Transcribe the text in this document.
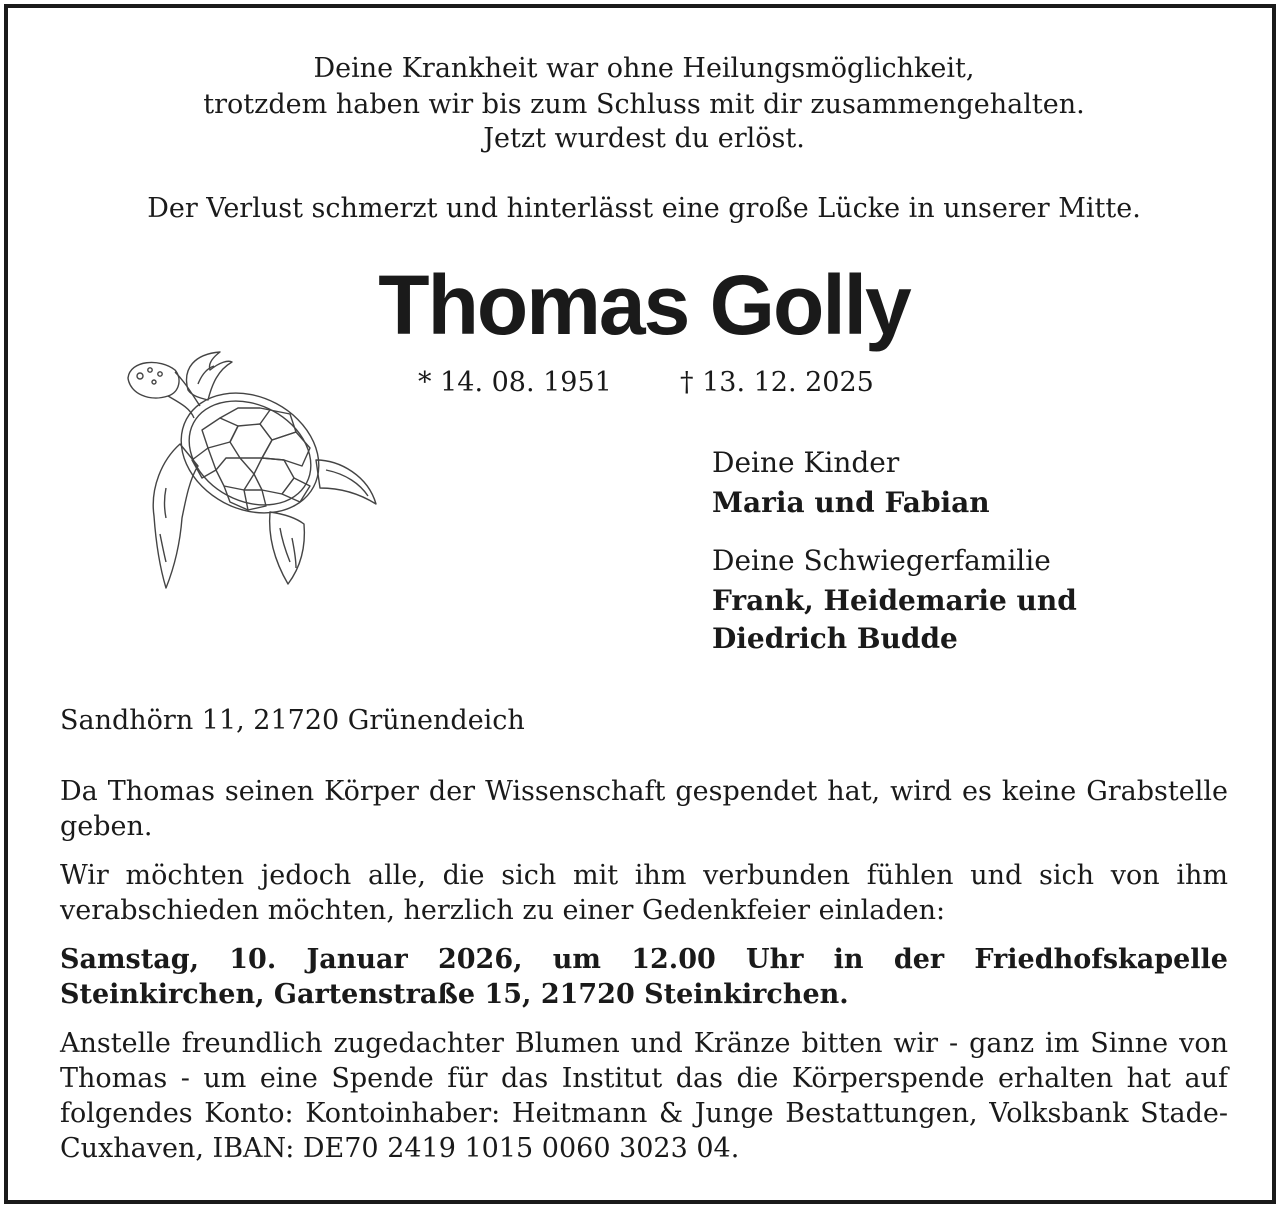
Deine Krankheit war ohne Heilungsmöglichkeit,
trotzdem haben wir bis zum Schluss mit dir zusammengehalten.
Jetzt wurdest du erlöst.
Der Verlust schmerzt und hinterlässt eine große Lücke in unserer Mitte.
Thomas Golly
* 14. 08. 1951	† 13. 12. 2025
Deine Kinder
Maria und Fabian
Deine Schwiegerfamilie
Frank, Heidemarie und
Diedrich Budde
Sandhörn 11, 21720 Grünendeich
Da Thomas seinen Körper der Wissenschaft gespendet hat, wird es keine Grabstelle geben.
Wir möchten jedoch alle, die sich mit ihm verbunden fühlen und sich von ihm verabschieden möchten, herzlich zu einer Gedenkfeier einladen:
Samstag, 10. Januar 2026, um 12.00 Uhr in der Friedhofskapelle Steinkirchen, Gartenstraße 15, 21720 Steinkirchen.
Anstelle freundlich zugedachter Blumen und Kränze bitten wir - ganz im Sinne von Thomas - um eine Spende für das Institut das die Körperspende erhalten hat auf folgendes Konto: Kontoinhaber: Heitmann & Junge Bestattungen, Volksbank Stade-Cuxhaven, IBAN: DE70 2419 1015 0060 3023 04.
